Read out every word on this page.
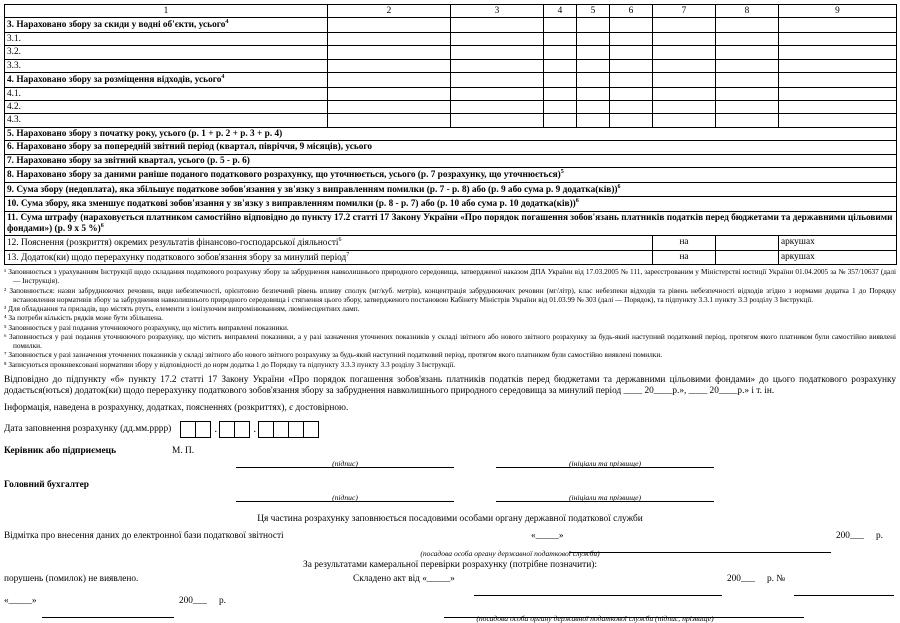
1	2	3	4	5	6	7	8	9
3. Нараховано збору за скиди у водні об'єкти, усього$^4$								
3.1.								
3.2.								
3.3.								
4. Нараховано збору за розміщення відходів, усього$^4$								
4.1.								
4.2.								
4.3.								
5. Нараховано збору з початку року, усього (р. 1 + р. 2 + р. 3 + р. 4)								
6. Нараховано збору за попередній звітний період (квартал, півріччя, 9 місяців), усього								
7. Нараховано збору за звітний квартал, усього (р. 5 - р. 6)								
8. Нараховано збору за даними раніше поданого податкового розрахунку, що уточнюється, усього (р. 7 розрахунку, що уточнюється)$^5$
9. Сума збору (недоплата), яка збільшує податкове зобов'язання у зв'язку з виправленням помилки (р. 7 - р. 8) або (р. 9 або сума р. 9 додатка(ків))$^6$
10. Сума збору, яка зменшує податкові зобов'язання у зв'язку з виправленням помилки (р. 8 - р. 7) або (р. 10 або сума р. 10 додатка(ків))$^6$
11. Сума штрафу (нараховується платником самостійно відповідно до пункту 17.2 статті 17 Закону України «Про порядок погашення зобов'язань платників податків перед бюджетами та державними цільовими фондами») (р. 9 х 5 %)$^6$
12. Пояснення (розкриття) окремих результатів фінансово-господарської діяльності$^6$						на		аркушах
13. Додаток(ки) щодо перерахунку податкового зобов'язання збору за минулий період$^7$						на		аркушах

¹ Заповнюється з урахуванням Інструкції щодо складання податкового розрахунку збору за забруднення навколишнього природного середовища, затвердженої наказом ДПА України від 17.03.2005 № 111, зареєстрованим у Міністерстві юстиції України 01.04.2005 за № 357/10637 (далі — Інструкція).

² Заповнюється: назви забруднюючих речовин, види небезпечності, орієнтовно безпечний рівень впливу сполук (мг/куб. метрів), концентрація забруднюючих речовин (мг/літр), клас небезпеки відходів та рівень небезпечності відходів згідно з нормами додатка 1 до Порядку встановлення нормативів збору за забруднення навколишнього природного середовища і стягнення цього збору, затвердженого постановою Кабінету Міністрів України від 01.03.99 № 303 (далі — Порядок), та підпункту 3.3.1 пункту 3.3 розділу 3 Інструкції.

³ Для обладнання та приладів, що містять ртуть, елементи з іонізуючим випромінюванням, люмінесцентних ламп.

⁴ За потреби кількість рядків може бути збільшена.

⁵ Заповнюється у разі подання уточнюючого розрахунку, що містить виправлені показники.

⁶ Заповнюється у разі подання уточнюючого розрахунку, що містить виправлені показники, а у разі зазначення уточнених показників у складі звітного або нового звітного розрахунку за будь-який наступний податковий період, протягом якого платником були самостійно виявлені помилки.

⁷ Заповнюється у разі зазначення уточнених показників у складі звітного або нового звітного розрахунку за будь-який наступний податковий період, протягом якого платником були самостійно виявлені помилки.

⁸ Записуються прокнвексовані нормативи збору у відповідності до норм додатка 1 до Порядку та підпункту 3.3.3 пункту 3.3 розділу 3 Інструкції.

Відповідно до підпункту «б» пункту 17.2 статті 17 Закону України «Про порядок погашення зобов'язань платників податків перед бюджетами та державними цільовими фондами» до цього податкового розрахунку додається(ються) додаток(ки) щодо перерахунку податкового зобов'язання збору за забруднення навколишнього природного середовища за минулий період ____ 20____р.», ____ 20____р.» і т. ін.
Інформація, наведена в розрахунку, додатках, поясненнях (розкриттях), є достовірною.
Дата заповнення розрахунку (дд.мм.рррр)	.	.
Керівник або підприємець	М. П.
(підпис)	(ініціали та прізвище)
Головний бухгалтер
(підпис)	(ініціали та прізвище)
Ця частина розрахунку заповнюється посадовими особами органу державної податкової служби
Відмітка про внесення даних до електронної бази податкової звітності	«_____»	200___ р.
(посадова особа органу державної податкової служби)
За результатами камеральної перевірки розрахунку (потрібне позначити):
порушень (помилок) не виявлено.	Складено акт від «_____»	200___ р. №
«_____»	200___ р.
(посадова особа органу державної податкової служби (підпис, прізвище)
